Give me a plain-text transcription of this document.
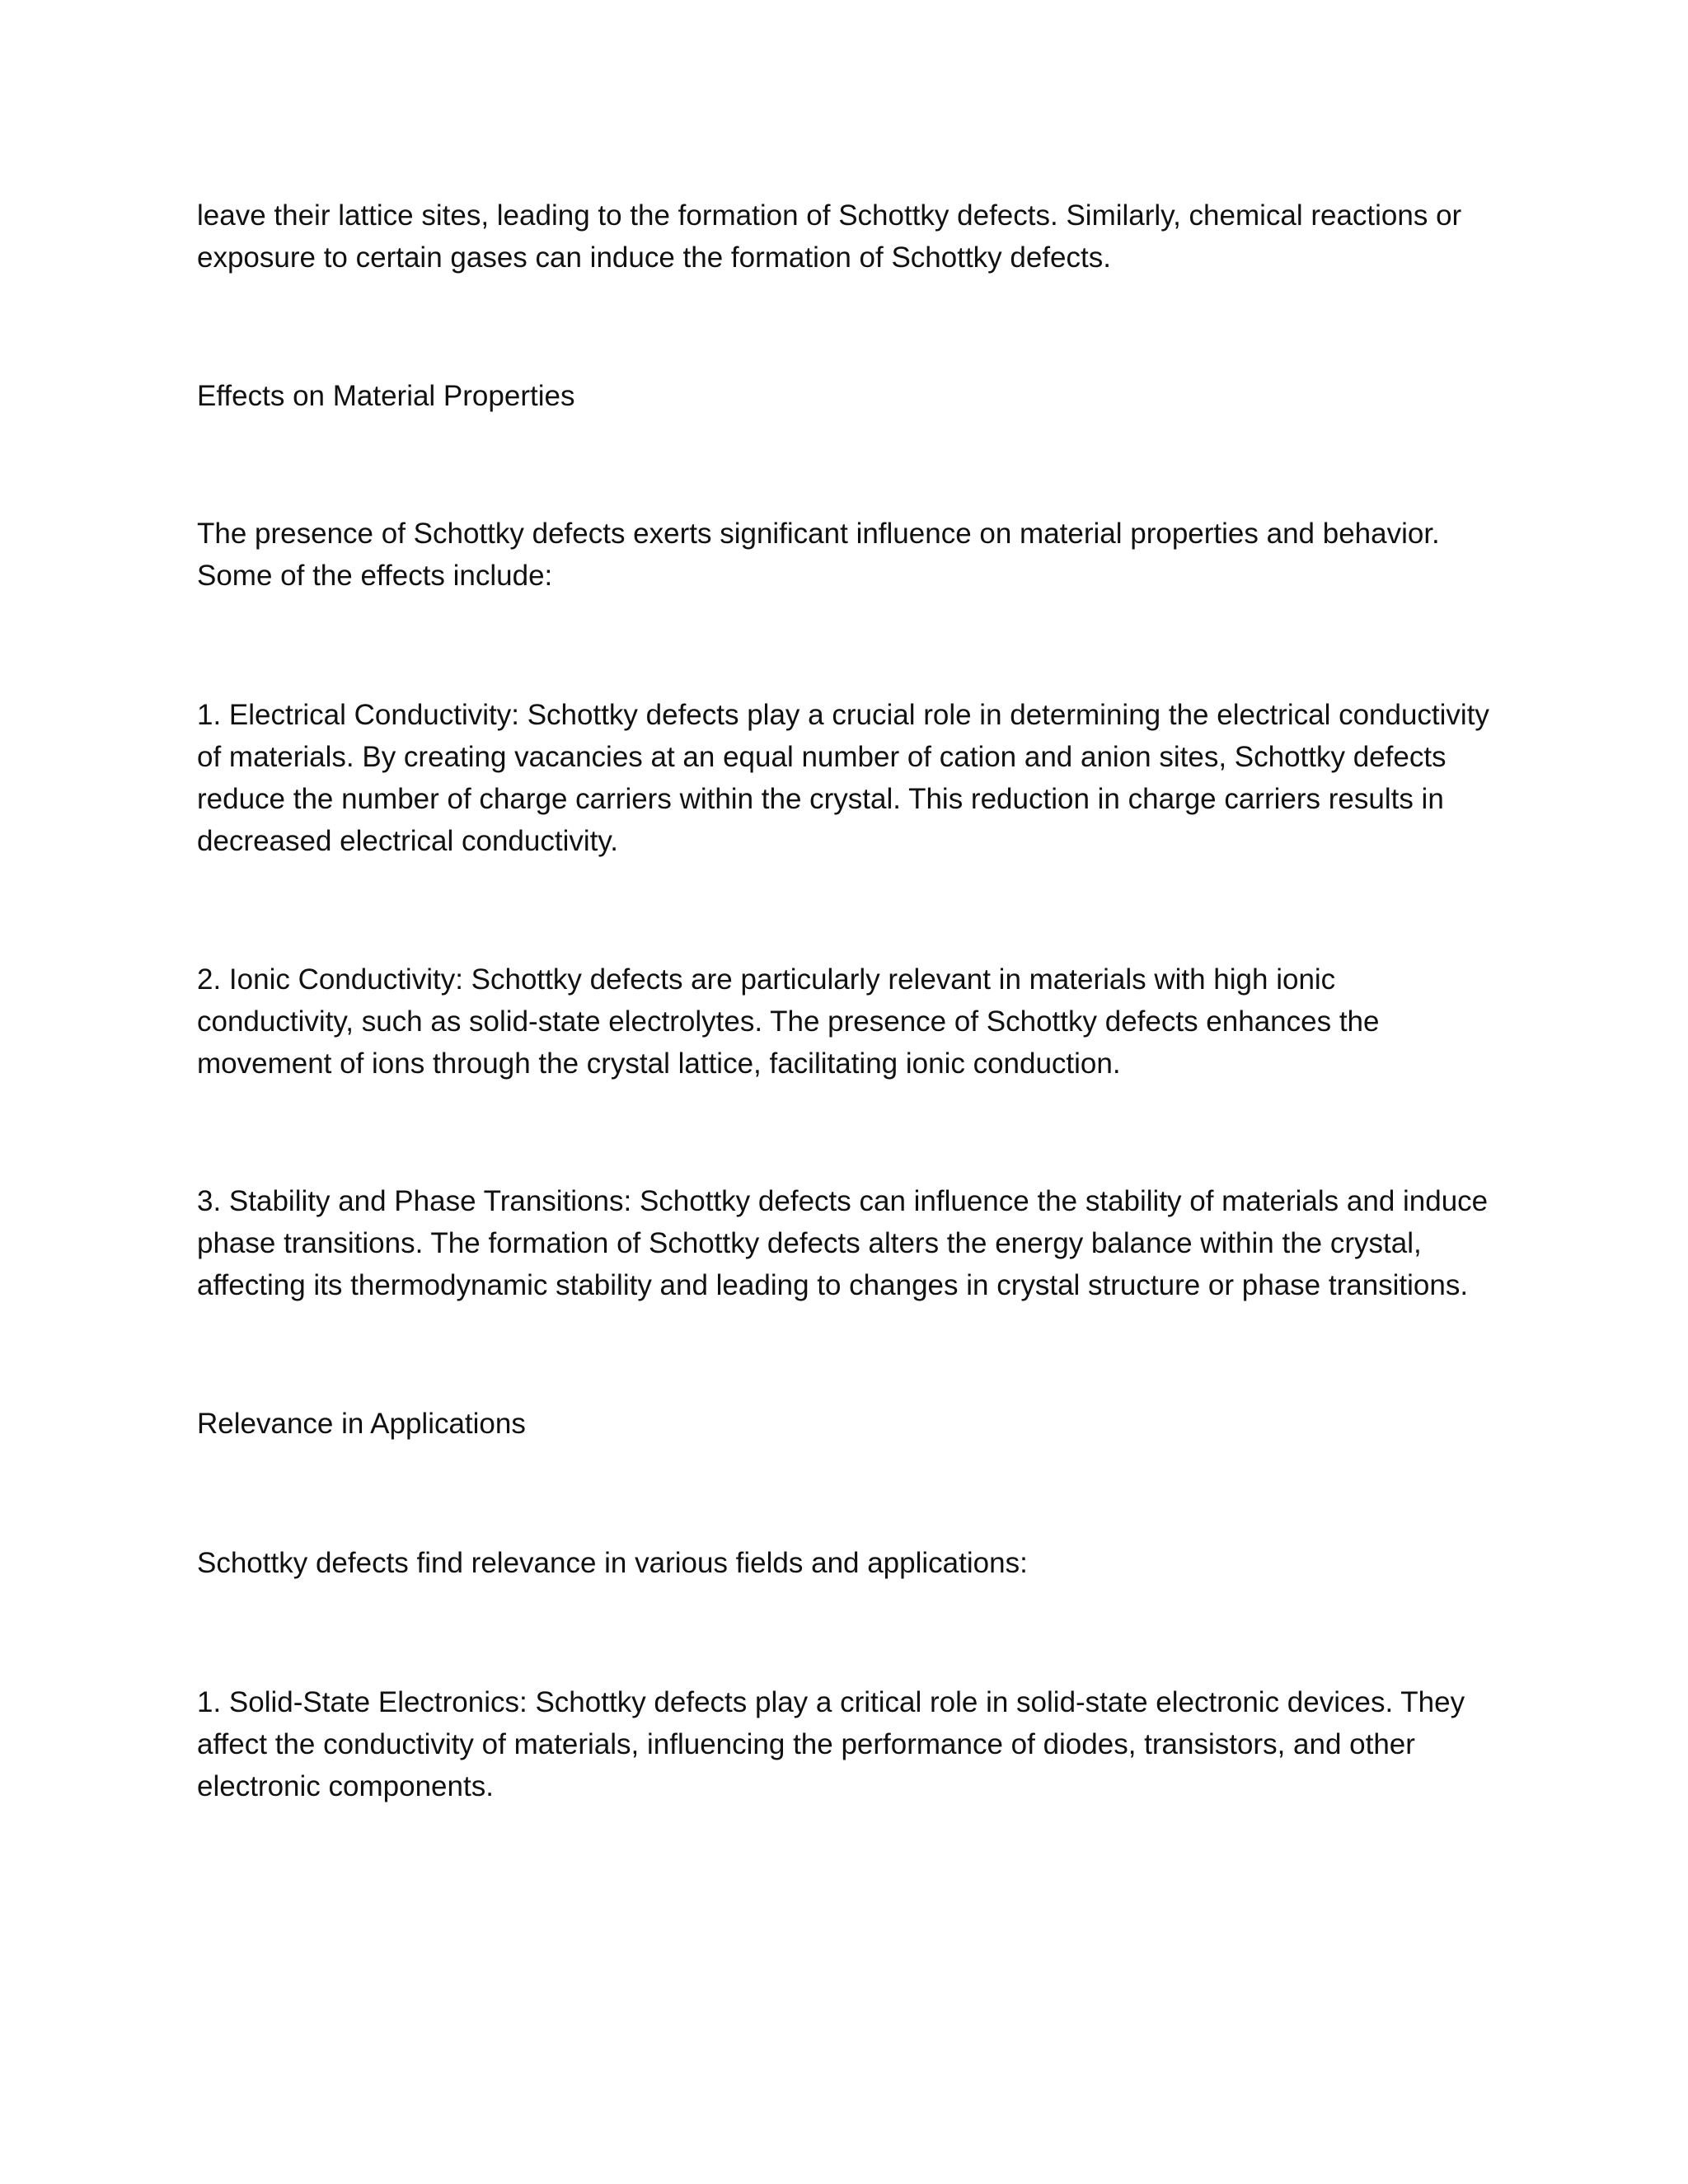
leave their lattice sites, leading to the formation of Schottky defects. Similarly, chemical reactions or exposure to certain gases can induce the formation of Schottky defects.

Effects on Material Properties

The presence of Schottky defects exerts significant influence on material properties and behavior. Some of the effects include:

1. Electrical Conductivity: Schottky defects play a crucial role in determining the electrical conductivity of materials. By creating vacancies at an equal number of cation and anion sites, Schottky defects reduce the number of charge carriers within the crystal. This reduction in charge carriers results in decreased electrical conductivity.

2. Ionic Conductivity: Schottky defects are particularly relevant in materials with high ionic conductivity, such as solid-state electrolytes. The presence of Schottky defects enhances the movement of ions through the crystal lattice, facilitating ionic conduction.

3. Stability and Phase Transitions: Schottky defects can influence the stability of materials and induce phase transitions. The formation of Schottky defects alters the energy balance within the crystal, affecting its thermodynamic stability and leading to changes in crystal structure or phase transitions.

Relevance in Applications

Schottky defects find relevance in various fields and applications:

1. Solid-State Electronics: Schottky defects play a critical role in solid-state electronic devices. They affect the conductivity of materials, influencing the performance of diodes, transistors, and other electronic components.
